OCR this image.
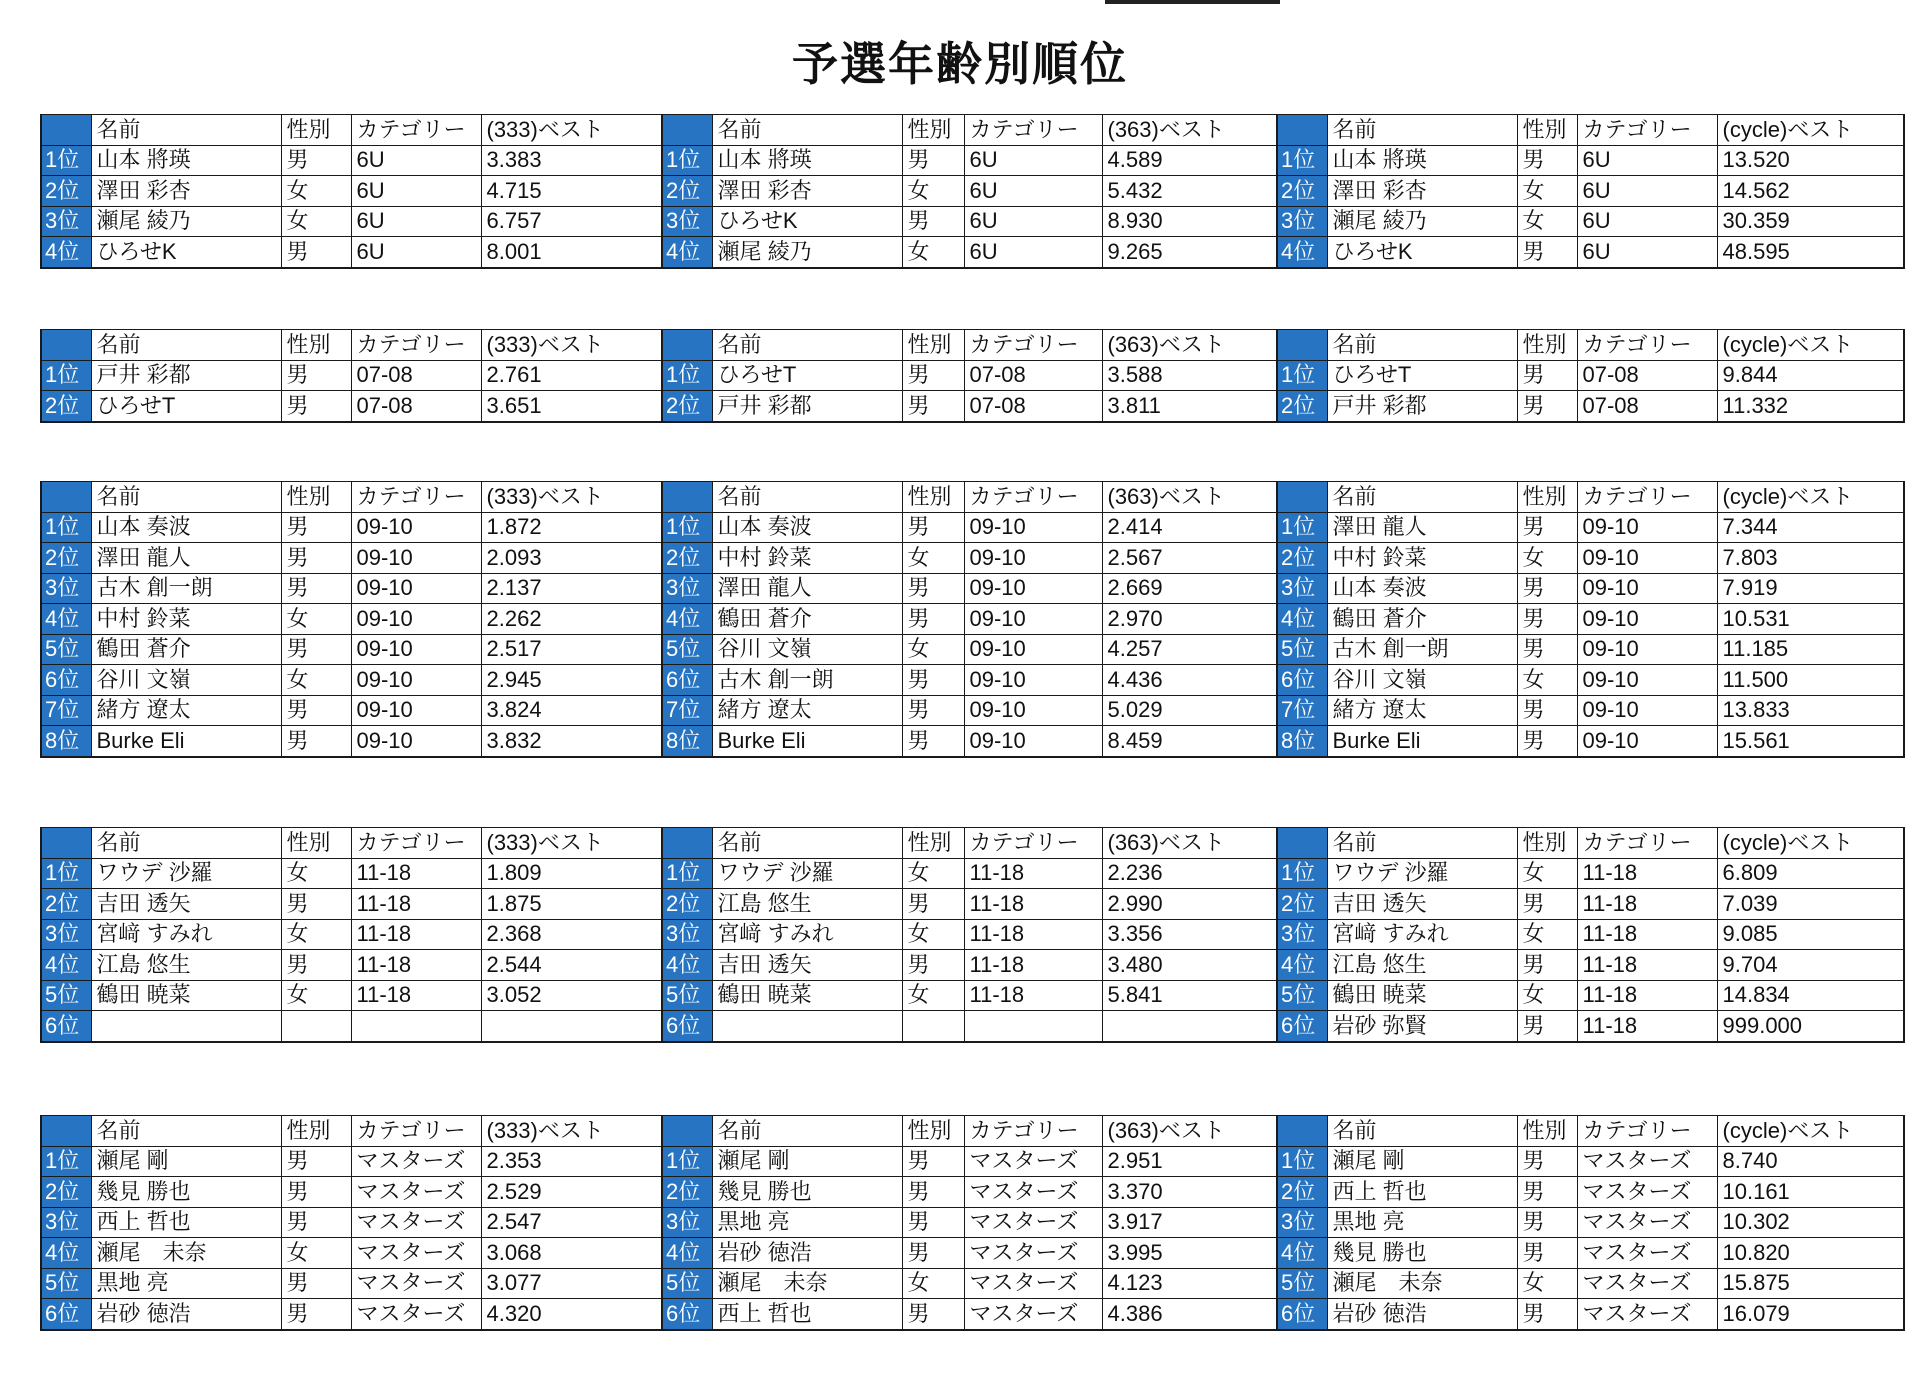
予選年齢別順位
	名前	性別	カテゴリー	(333)ベスト
1位	山本 將瑛	男	6U	3.383
2位	澤田 彩杏	女	6U	4.715
3位	瀬尾 綾乃	女	6U	6.757
4位	ひろせK	男	6U	8.001
	名前	性別	カテゴリー	(363)ベスト
1位	山本 將瑛	男	6U	4.589
2位	澤田 彩杏	女	6U	5.432
3位	ひろせK	男	6U	8.930
4位	瀬尾 綾乃	女	6U	9.265
	名前	性別	カテゴリー	(cycle)ベスト
1位	山本 將瑛	男	6U	13.520
2位	澤田 彩杏	女	6U	14.562
3位	瀬尾 綾乃	女	6U	30.359
4位	ひろせK	男	6U	48.595
	名前	性別	カテゴリー	(333)ベスト
1位	戸井 彩都	男	07-08	2.761
2位	ひろせT	男	07-08	3.651
	名前	性別	カテゴリー	(363)ベスト
1位	ひろせT	男	07-08	3.588
2位	戸井 彩都	男	07-08	3.811
	名前	性別	カテゴリー	(cycle)ベスト
1位	ひろせT	男	07-08	9.844
2位	戸井 彩都	男	07-08	11.332
	名前	性別	カテゴリー	(333)ベスト
1位	山本 奏波	男	09-10	1.872
2位	澤田 龍人	男	09-10	2.093
3位	古木 創一朗	男	09-10	2.137
4位	中村 鈴菜	女	09-10	2.262
5位	鶴田 蒼介	男	09-10	2.517
6位	谷川 文嶺	女	09-10	2.945
7位	緒方 遼太	男	09-10	3.824
8位	Burke Eli	男	09-10	3.832
	名前	性別	カテゴリー	(363)ベスト
1位	山本 奏波	男	09-10	2.414
2位	中村 鈴菜	女	09-10	2.567
3位	澤田 龍人	男	09-10	2.669
4位	鶴田 蒼介	男	09-10	2.970
5位	谷川 文嶺	女	09-10	4.257
6位	古木 創一朗	男	09-10	4.436
7位	緒方 遼太	男	09-10	5.029
8位	Burke Eli	男	09-10	8.459
	名前	性別	カテゴリー	(cycle)ベスト
1位	澤田 龍人	男	09-10	7.344
2位	中村 鈴菜	女	09-10	7.803
3位	山本 奏波	男	09-10	7.919
4位	鶴田 蒼介	男	09-10	10.531
5位	古木 創一朗	男	09-10	11.185
6位	谷川 文嶺	女	09-10	11.500
7位	緒方 遼太	男	09-10	13.833
8位	Burke Eli	男	09-10	15.561
	名前	性別	カテゴリー	(333)ベスト
1位	ワウデ 沙羅	女	11-18	1.809
2位	吉田 透矢	男	11-18	1.875
3位	宮﨑 すみれ	女	11-18	2.368
4位	江島 悠生	男	11-18	2.544
5位	鶴田 暁菜	女	11-18	3.052
6位				
	名前	性別	カテゴリー	(363)ベスト
1位	ワウデ 沙羅	女	11-18	2.236
2位	江島 悠生	男	11-18	2.990
3位	宮﨑 すみれ	女	11-18	3.356
4位	吉田 透矢	男	11-18	3.480
5位	鶴田 暁菜	女	11-18	5.841
6位				
	名前	性別	カテゴリー	(cycle)ベスト
1位	ワウデ 沙羅	女	11-18	6.809
2位	吉田 透矢	男	11-18	7.039
3位	宮﨑 すみれ	女	11-18	9.085
4位	江島 悠生	男	11-18	9.704
5位	鶴田 暁菜	女	11-18	14.834
6位	岩砂 弥賢	男	11-18	999.000
	名前	性別	カテゴリー	(333)ベスト
1位	瀬尾 剛	男	マスターズ	2.353
2位	幾見 勝也	男	マスターズ	2.529
3位	西上 哲也	男	マスターズ	2.547
4位	瀬尾　未奈	女	マスターズ	3.068
5位	黒地 亮	男	マスターズ	3.077
6位	岩砂 徳浩	男	マスターズ	4.320
	名前	性別	カテゴリー	(363)ベスト
1位	瀬尾 剛	男	マスターズ	2.951
2位	幾見 勝也	男	マスターズ	3.370
3位	黒地 亮	男	マスターズ	3.917
4位	岩砂 徳浩	男	マスターズ	3.995
5位	瀬尾　未奈	女	マスターズ	4.123
6位	西上 哲也	男	マスターズ	4.386
	名前	性別	カテゴリー	(cycle)ベスト
1位	瀬尾 剛	男	マスターズ	8.740
2位	西上 哲也	男	マスターズ	10.161
3位	黒地 亮	男	マスターズ	10.302
4位	幾見 勝也	男	マスターズ	10.820
5位	瀬尾　未奈	女	マスターズ	15.875
6位	岩砂 徳浩	男	マスターズ	16.079
